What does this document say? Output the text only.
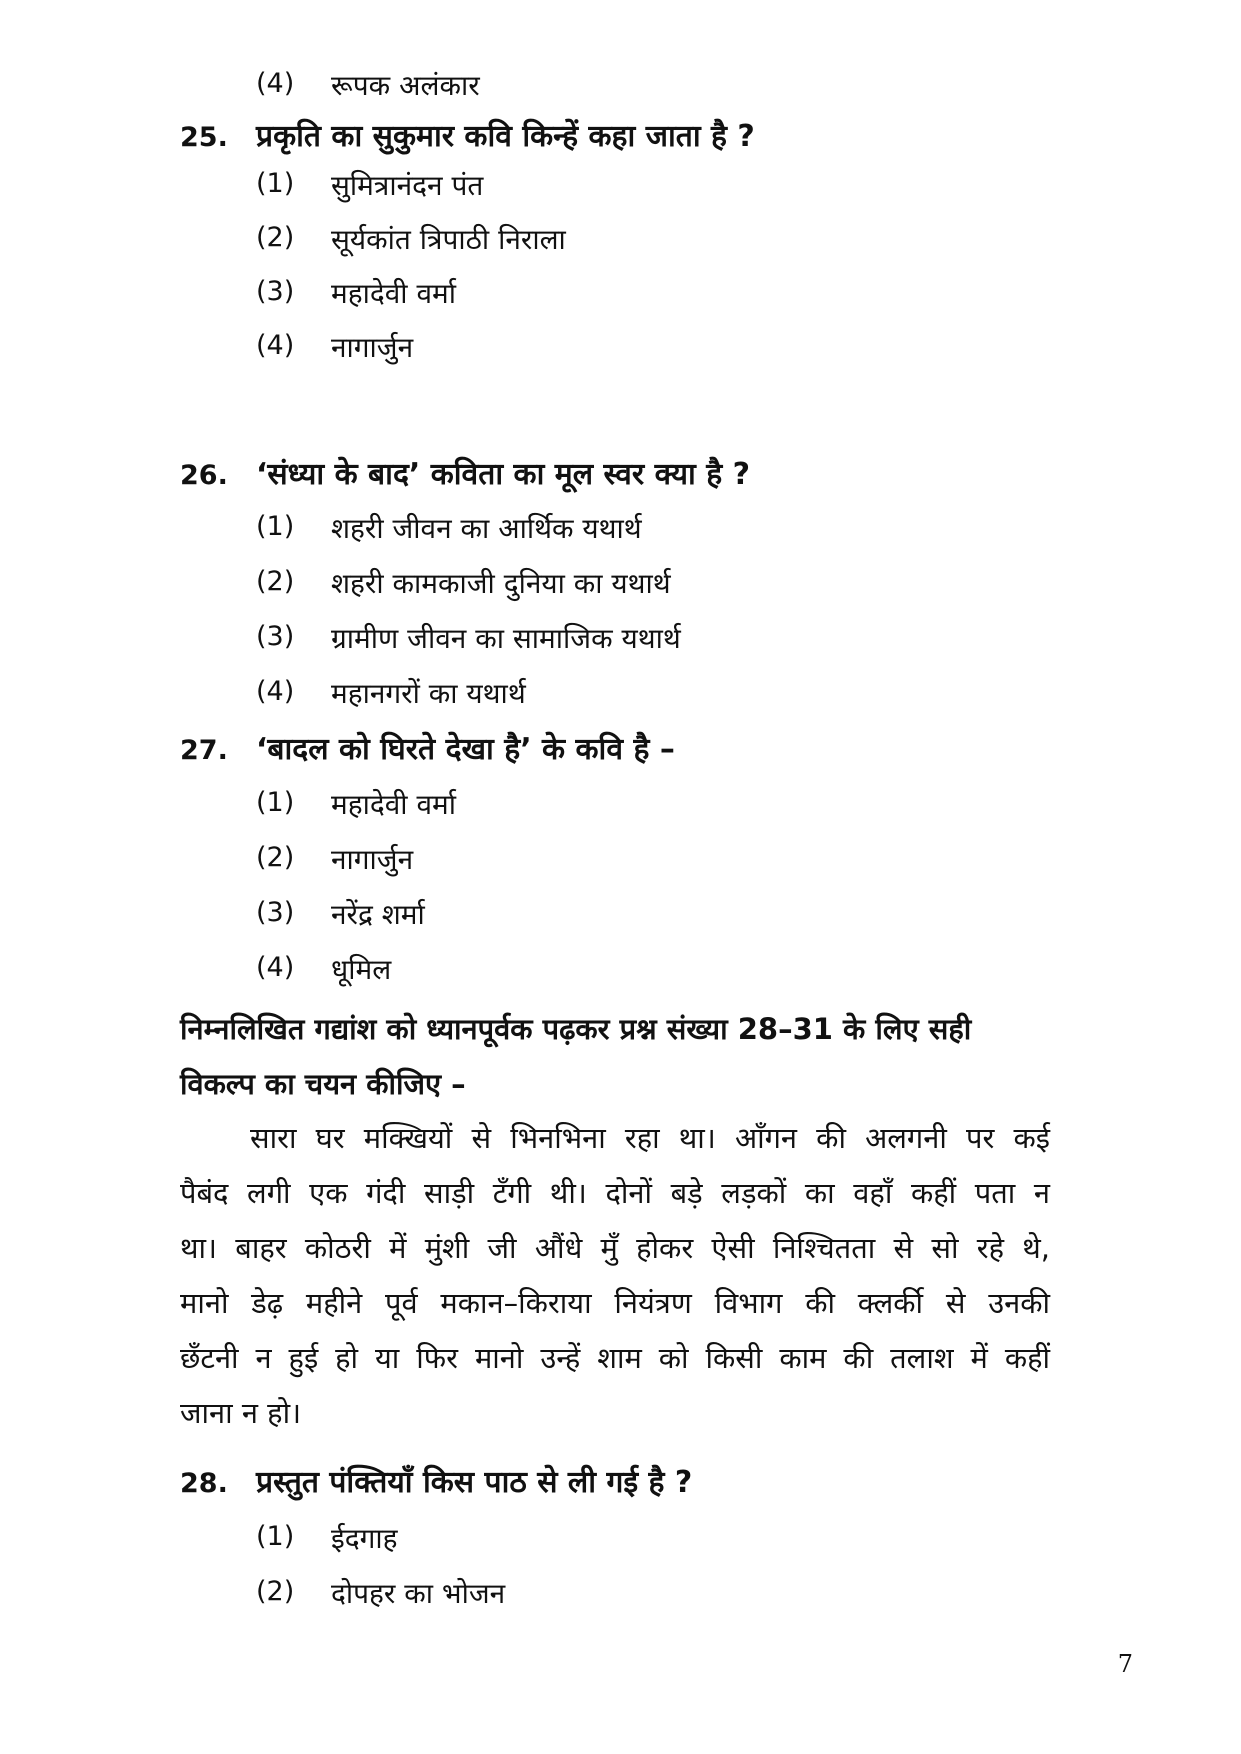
(4) रूपक अलंकार
25. प्रकृति का सुकुमार कवि किन्हें कहा जाता है ?
(1) सुमित्रानंदन पंत
(2) सूर्यकांत त्रिपाठी निराला
(3) महादेवी वर्मा
(4) नागार्जुन
26. ‘संध्या के बाद’ कविता का मूल स्वर क्या है ?
(1) शहरी जीवन का आर्थिक यथार्थ
(2) शहरी कामकाजी दुनिया का यथार्थ
(3) ग्रामीण जीवन का सामाजिक यथार्थ
(4) महानगरों का यथार्थ
27. ‘बादल को घिरते देखा है’ के कवि है –
(1) महादेवी वर्मा
(2) नागार्जुन
(3) नरेंद्र शर्मा
(4) धूमिल
निम्नलिखित गद्यांश को ध्यानपूर्वक पढ़कर प्रश्न संख्या 28–31 के लिए सही
विकल्प का चयन कीजिए –
सारा घर मक्खियों से भिनभिना रहा था। आँगन की अलगनी पर कई
पैबंद लगी एक गंदी साड़ी टँगी थी। दोनों बड़े लड़कों का वहाँ कहीं पता न
था। बाहर कोठरी में मुंशी जी औंधे मुँ होकर ऐसी निश्चितता से सो रहे थे,
मानो डेढ़ महीने पूर्व मकान–किराया नियंत्रण विभाग की क्लर्की से उनकी
छँटनी न हुई हो या फिर मानो उन्हें शाम को किसी काम की तलाश में कहीं
जाना न हो।
28. प्रस्तुत पंक्तियाँ किस पाठ से ली गई है ?
(1) ईदगाह
(2) दोपहर का भोजन
7
